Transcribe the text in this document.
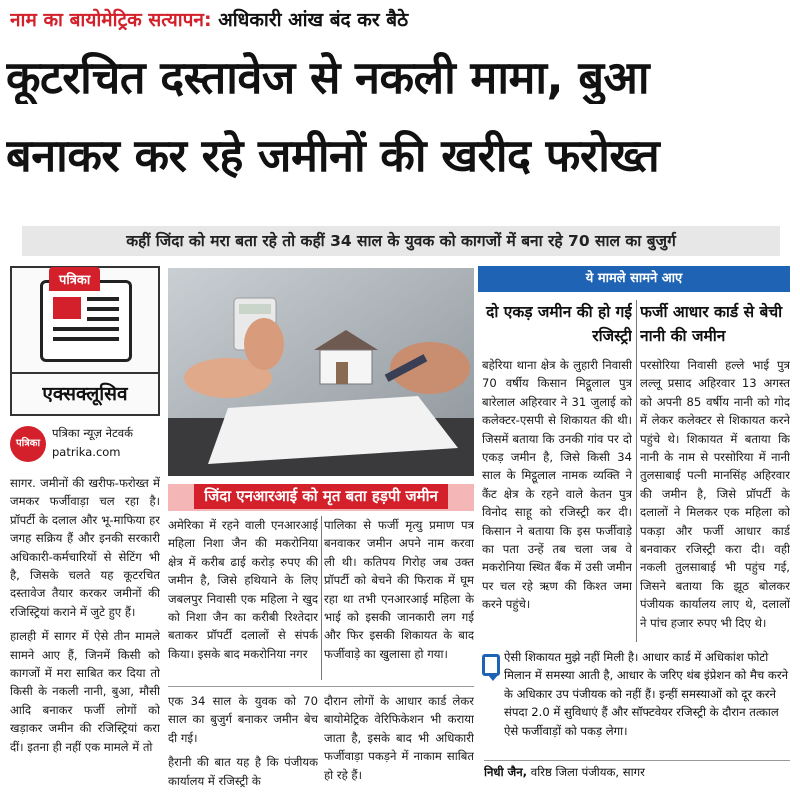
नाम का बायोमेट्रिक सत्यापन: अधिकारी आंख बंद कर बैठे
कूटरचित दस्तावेज से नकली मामा, बुआ
बनाकर कर रहे जमीनों की खरीद फरोख्त
कहीं जिंदा को मरा बता रहे तो कहीं 34 साल के युवक को कागजों में बना रहे 70 साल का बुजुर्ग
पत्रिका
एक्सक्लूसिव
पत्रिका
पत्रिका न्यूज़ नेटवर्क
patrika.com

सागर. जमीनों की खरीफ-फरोख्त में जमकर फर्जीवाड़ा चल रहा है। प्रॉपर्टी के दलाल और भू-माफिया हर जगह सक्रिय हैं और इनकी सरकारी अधिकारी-कर्मचारियों से सेटिंग भी है, जिसके चलते यह कूटरचित दस्तावेज तैयार करकर जमीनों की रजिस्ट्रियां कराने में जुटे हुए हैं।

हालही में सागर में ऐसे तीन मामले सामने आए हैं, जिनमें किसी को कागजों में मरा साबित कर दिया तो किसी के नकली नानी, बुआ, मौसी आदि बनाकर फर्जी लोगों को खड़ाकर जमीन की रजिस्ट्रियां करा दीं। इतना ही नहीं एक मामले में तो

जिंदा एनआरआई को मृत बता हड़पी जमीन
अमेरिका में रहने वाली एनआरआई महिला निशा जैन की मकरोनिया क्षेत्र में करीब ढाई करोड़ रुपए की जमीन है, जिसे हथियाने के लिए जबलपुर निवासी एक महिला ने खुद को निशा जैन का करीबी रिश्तेदार बताकर प्रॉपर्टी दलालों से संपर्क किया। इसके बाद मकरोनिया नगर
पालिका से फर्जी मृत्यु प्रमाण पत्र बनवाकर जमीन अपने नाम करवा ली थी। कतिपय गिरोह जब उक्त प्रॉपर्टी को बेचने की फिराक में घूम रहा था तभी एनआरआई महिला के भाई को इसकी जानकारी लग गई और फिर इसकी शिकायत के बाद फर्जीवाड़े का खुलासा हो गया।

एक 34 साल के युवक को 70 साल का बुजुर्ग बनाकर जमीन बेच दी गई।

हैरानी की बात यह है कि पंजीयक कार्यालय में रजिस्ट्री के

दौरान लोगों के आधार कार्ड लेकर बायोमेट्रिक वेरिफिकेशन भी कराया जाता है, इसके बाद भी अधिकारी फर्जीवाड़ा पकड़ने में नाकाम साबित हो रहे हैं।
ये मामले सामने आए
दो एकड़ जमीन की हो गई रजिस्ट्री
बहेरिया थाना क्षेत्र के लुहारी निवासी 70 वर्षीय किसान मिट्ठूलाल पुत्र बारेलाल अहिरवार ने 31 जुलाई को कलेक्टर-एसपी से शिकायत की थी। जिसमें बताया कि उनकी गांव पर दो एकड़ जमीन है, जिसे किसी 34 साल के मिट्ठूलाल नामक व्यक्ति ने कैंट क्षेत्र के रहने वाले केतन पुत्र विनोद साहू को रजिस्ट्री कर दी। किसान ने बताया कि इस फर्जीवाड़े का पता उन्हें तब चला जब वे मकरोनिया स्थित बैंक में उसी जमीन पर चल रहे ऋण की किश्त जमा करने पहुंचे।
फर्जी आधार कार्ड से बेची नानी की जमीन
परसोरिया निवासी हल्ले भाई पुत्र लल्लू प्रसाद अहिरवार 13 अगस्त को अपनी 85 वर्षीय नानी को गोद में लेकर कलेक्टर से शिकायत करने पहुंचे थे। शिकायत में बताया कि नानी के नाम से परसोरिया में नानी तुलसाबाई पत्नी मानसिंह अहिरवार की जमीन है, जिसे प्रॉपर्टी के दलालों ने मिलकर एक महिला को पकड़ा और फर्जी आधार कार्ड बनवाकर रजिस्ट्री करा दी। वही नकली तुलसाबाई भी पहुंच गई, जिसने बताया कि झूठ बोलकर पंजीयक कार्यालय लाए थे, दलालों ने पांच हजार रुपए भी दिए थे।
ऐसी शिकायत मुझे नहीं मिली है। आधार कार्ड में अधिकांश फोटो मिलान में समस्या आती है, आधार के जरिए थंब इंप्रेशन को मैच करने के अधिकार उप पंजीयक को नहीं हैं। इन्हीं समस्याओं को दूर करने संपदा 2.0 में सुविधाएं हैं और सॉफ्टवेयर रजिस्ट्री के दौरान तत्काल ऐसे फर्जीवाड़ों को पकड़ लेगा।
निधी जैन, वरिष्ठ जिला पंजीयक, सागर
